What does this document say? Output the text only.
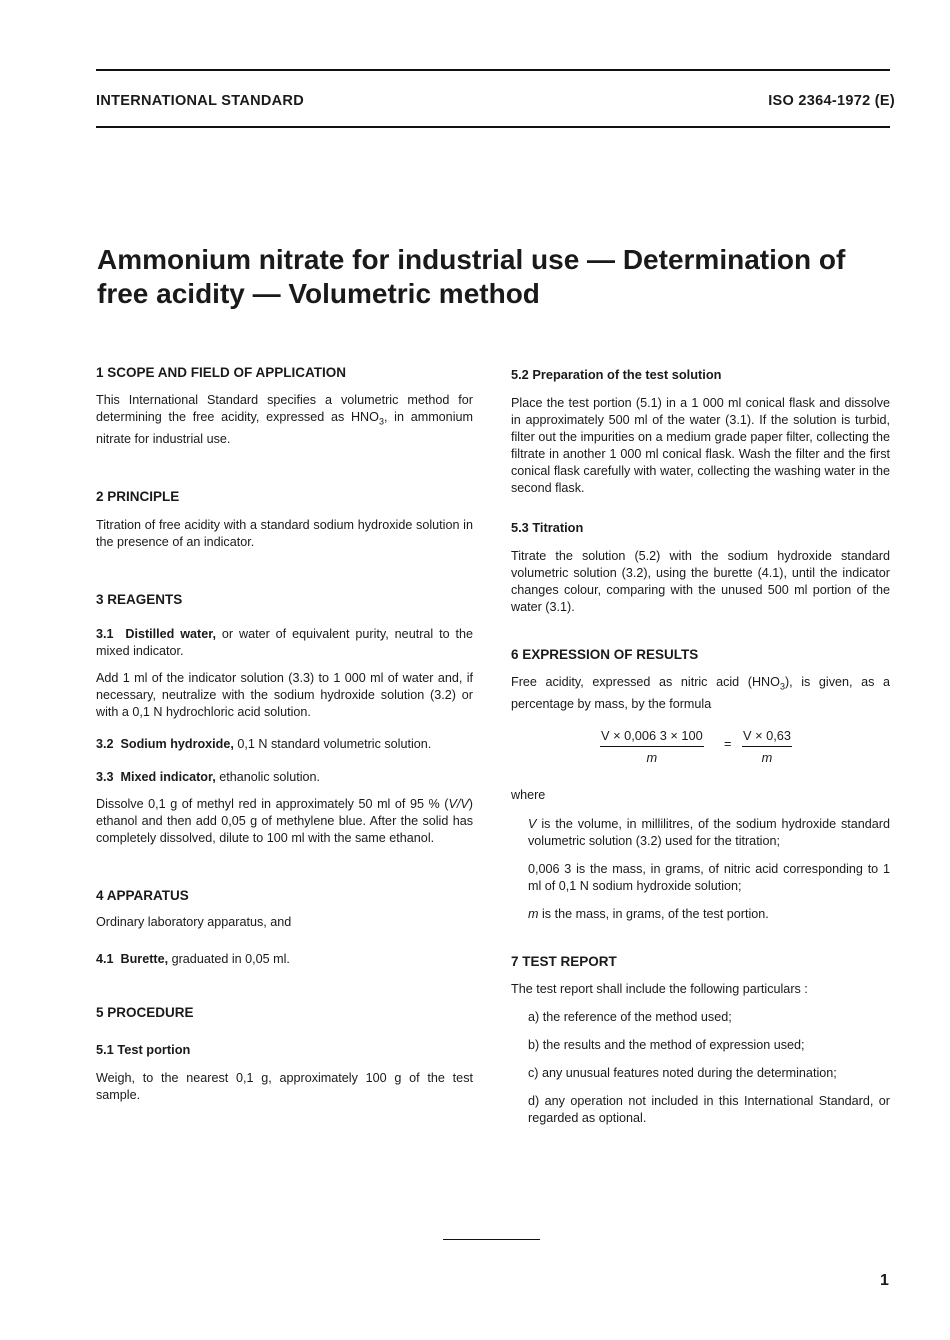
INTERNATIONAL STANDARD	ISO 2364-1972 (E)
Ammonium nitrate for industrial use — Determination of
free acidity — Volumetric method

1 SCOPE AND FIELD OF APPLICATION

This International Standard specifies a volumetric method for determining the free acidity, expressed as $HNO_3$, in ammonium nitrate for industrial use.

2 PRINCIPLE

Titration of free acidity with a standard sodium hydroxide solution in the presence of an indicator.

3 REAGENTS

3.1 Distilled water, or water of equivalent purity, neutral to the mixed indicator.

Add 1 ml of the indicator solution (3.3) to 1 000 ml of water and, if necessary, neutralize with the sodium hydroxide solution (3.2) or with a 0,1 N hydrochloric acid solution.

3.2 Sodium hydroxide, 0,1 N standard volumetric solution.

3.3 Mixed indicator, ethanolic solution.

Dissolve 0,1 g of methyl red in approximately 50 ml of 95 % (V/V) ethanol and then add 0,05 g of methylene blue. After the solid has completely dissolved, dilute to 100 ml with the same ethanol.

4 APPARATUS

Ordinary laboratory apparatus, and

4.1 Burette, graduated in 0,05 ml.

5 PROCEDURE

5.1 Test portion

Weigh, to the nearest 0,1 g, approximately 100 g of the test sample.

5.2 Preparation of the test solution

Place the test portion (5.1) in a 1 000 ml conical flask and dissolve in approximately 500 ml of the water (3.1). If the solution is turbid, filter out the impurities on a medium grade paper filter, collecting the filtrate in another 1 000 ml conical flask. Wash the filter and the first conical flask carefully with water, collecting the washing water in the second flask.

5.3 Titration

Titrate the solution (5.2) with the sodium hydroxide standard volumetric solution (3.2), using the burette (4.1), until the indicator changes colour, comparing with the unused 500 ml portion of the water (3.1).

6 EXPRESSION OF RESULTS

Free acidity, expressed as nitric acid $(HNO_3)$, is given, as a percentage by mass, by the formula

$\frac{V \times 0,006 3 \times 100}{m} = \frac{V \times 0,63}{m}$

where

V is the volume, in millilitres, of the sodium hydroxide standard volumetric solution (3.2) used for the titration;

0,006 3 is the mass, in grams, of nitric acid corresponding to 1 ml of 0,1 N sodium hydroxide solution;

m is the mass, in grams, of the test portion.

7 TEST REPORT

The test report shall include the following particulars :

a) the reference of the method used;

b) the results and the method of expression used;

c) any unusual features noted during the determination;

d) any operation not included in this International Standard, or regarded as optional.

1
